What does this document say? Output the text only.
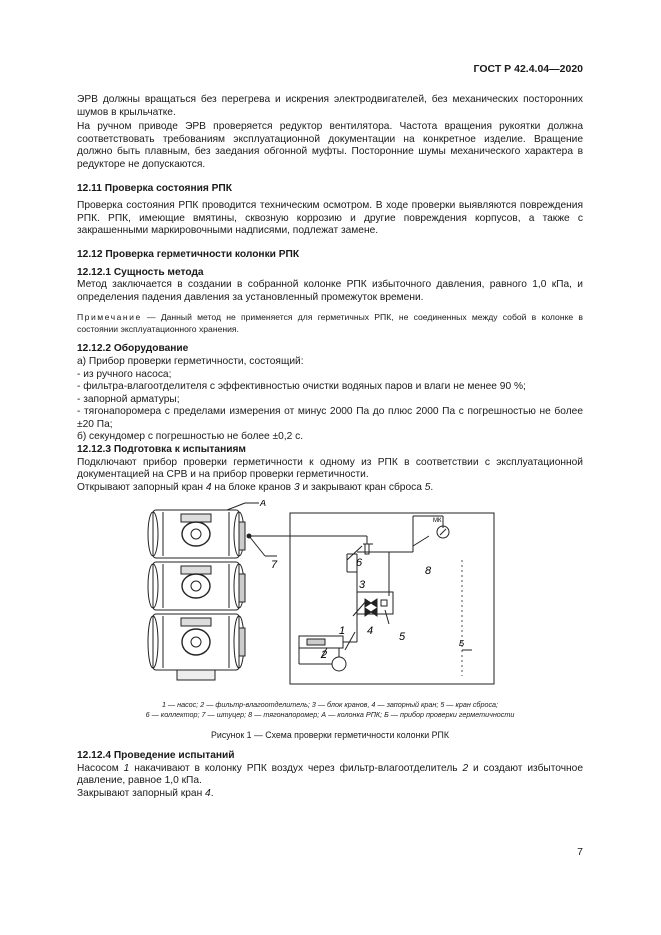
ГОСТ Р 42.4.04—2020

ЭРВ должны вращаться без перегрева и искрения электродвигателей, без механических посторонних шумов в крыльчатке.

На ручном приводе ЭРВ проверяется редуктор вентилятора. Частота вращения рукоятки должна соответствовать требованиям эксплуатационной документации на конкретное изделие. Вращение должно быть плавным, без заедания обгонной муфты. Посторонние шумы механического характера в редукторе не допускаются.

12.11 Проверка состояния РПК

Проверка состояния РПК проводится техническим осмотром. В ходе проверки выявляются повреждения РПК. РПК, имеющие вмятины, сквозную коррозию и другие повреждения корпусов, а также с закрашенными маркировочными надписями, подлежат замене.

12.12 Проверка герметичности колонки РПК

12.12.1 Сущность метода

Метод заключается в создании в собранной колонке РПК избыточного давления, равного 1,0 кПа, и определения падения давления за установленный промежуток времени.

Примечание — Данный метод не применяется для герметичных РПК, не соединенных между собой в колонке в состоянии эксплуатационного хранения.

12.12.2 Оборудование

а) Прибор проверки герметичности, состоящий:

- из ручного насоса;

- фильтра-влагоотделителя с эффективностью очистки водяных паров и влаги не менее 90 %;

- запорной арматуры;

- тягонапоромера с пределами измерения от минус 2000 Па до плюс 2000 Па с погрешностью не более ±20 Па;

б) секундомер с погрешностью не более ±0,2 с.

12.12.3 Подготовка к испытаниям

Подключают прибор проверки герметичности к одному из РПК в соответствии с эксплуатационной документацией на СРВ и на прибор проверки герметичности.

Открывают запорный кран 4 на блоке кранов 3 и закрывают кран сброса 5.

А
7	6
8
МК
3
2
1 4 5
Б

1 — насос; 2 — фильтр-влагоотделитель; 3 — блок кранов, 4 — запорный кран; 5 — кран сброса;

6 — коллектор; 7 — штуцер; 8 — тягонапоромер; А — колонка РПК; Б — прибор проверки герметичности

Рисунок 1 — Схема проверки герметичности колонки РПК

12.12.4 Проведение испытаний

Насосом 1 накачивают в колонку РПК воздух через фильтр-влагоотделитель 2 и создают избыточное давление, равное 1,0 кПа.

Закрывают запорный кран 4.

7
